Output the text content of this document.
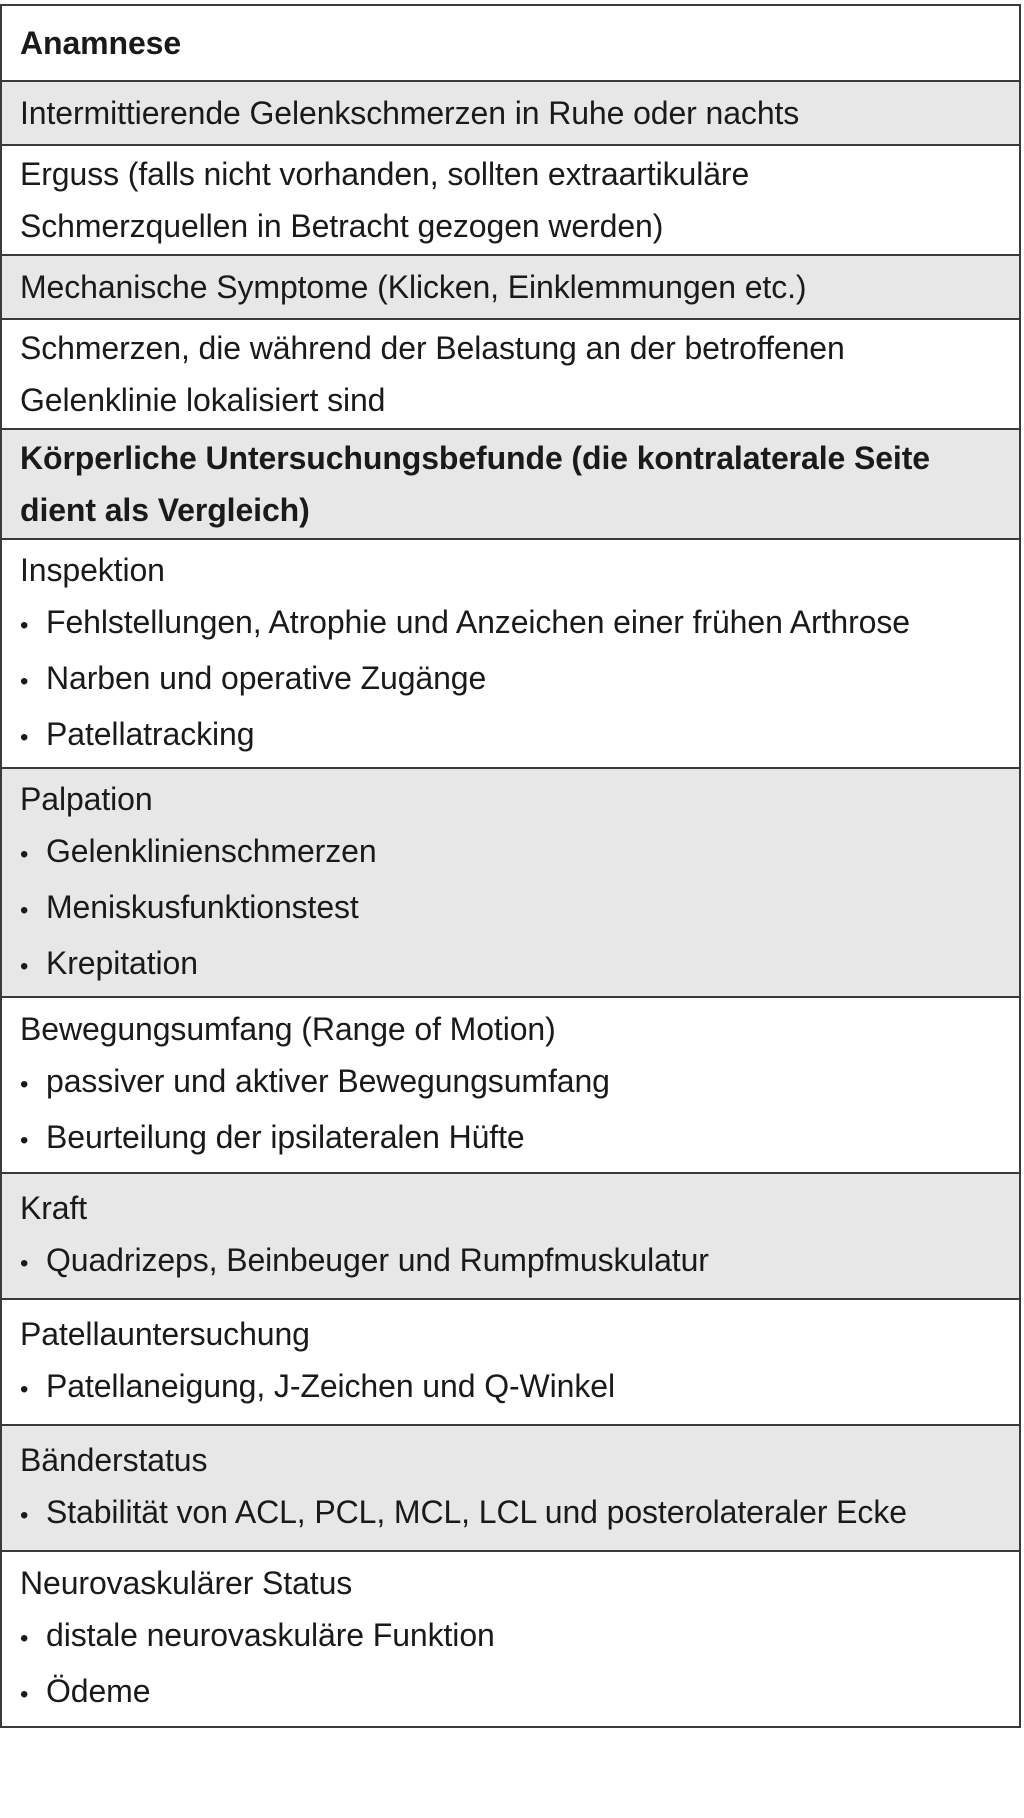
Anamnese
Intermittierende Gelenkschmerzen in Ruhe oder nachts
Erguss (falls nicht vorhanden, sollten extraartikuläre
Schmerzquellen in Betracht gezogen werden)
Mechanische Symptome (Klicken, Einklemmungen etc.)
Schmerzen, die während der Belastung an der betroffenen
Gelenklinie lokalisiert sind
Körperliche Untersuchungsbefunde (die kontralaterale Seite
dient als Vergleich)
Inspektion
• Fehlstellungen, Atrophie und Anzeichen einer frühen Arthrose
• Narben und operative Zugänge
• Patellatracking
Palpation
• Gelenklinienschmerzen
• Meniskusfunktionstest
• Krepitation
Bewegungsumfang (Range of Motion)
• passiver und aktiver Bewegungsumfang
• Beurteilung der ipsilateralen Hüfte
Kraft
• Quadrizeps, Beinbeuger und Rumpfmuskulatur
Patellauntersuchung
• Patellaneigung, J-Zeichen und Q-Winkel
Bänderstatus
• Stabilität von ACL, PCL, MCL, LCL und posterolateraler Ecke
Neurovaskulärer Status
• distale neurovaskuläre Funktion
• Ödeme
